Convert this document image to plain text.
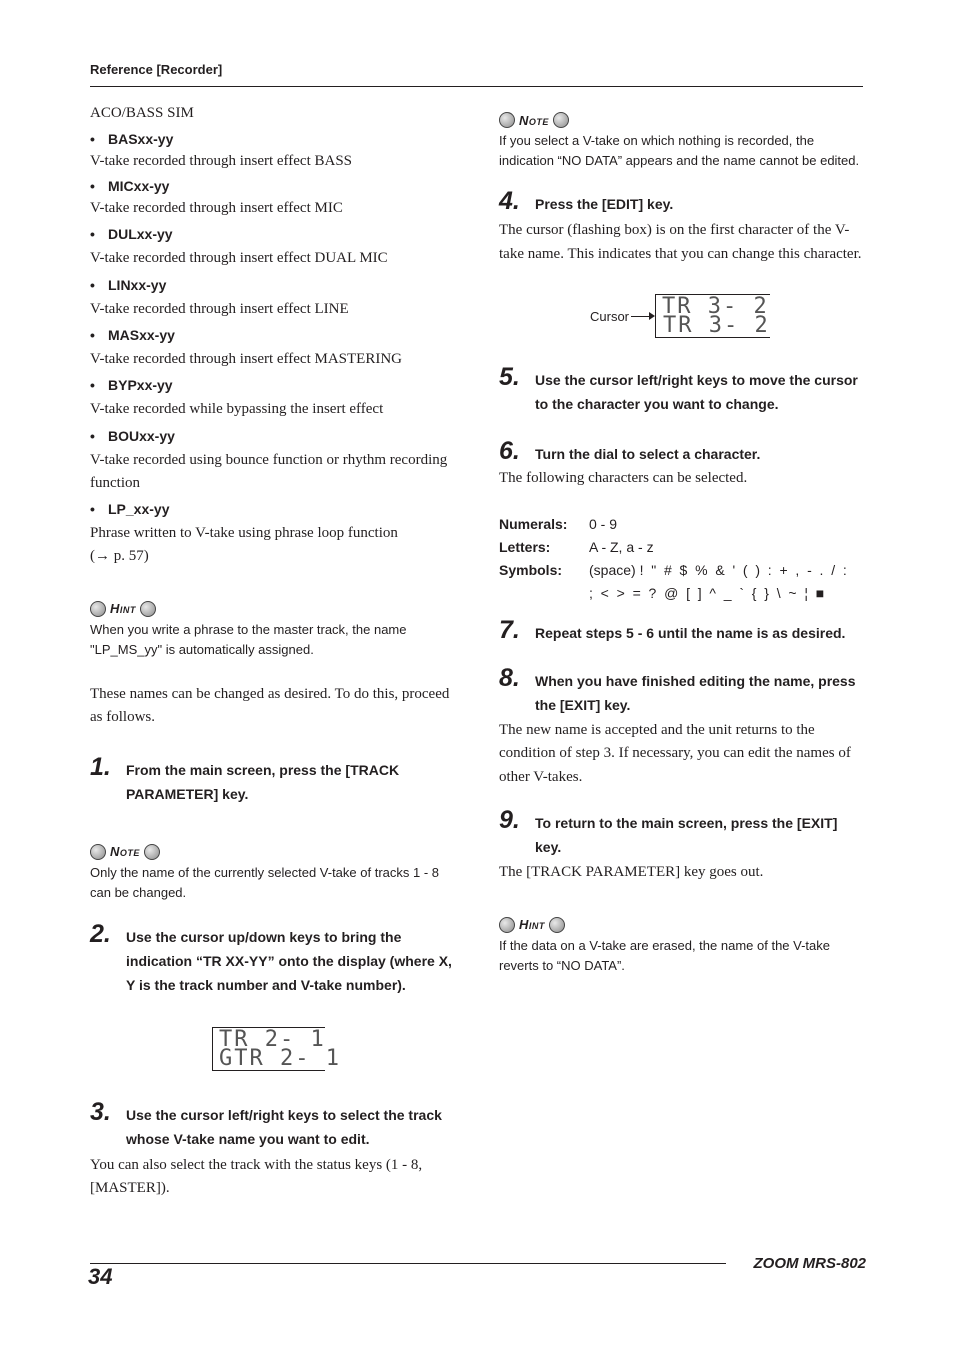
Reference [Recorder]
ACO/BASS SIM
• BASxx-yy
V-take recorded through insert effect BASS
• MICxx-yy
V-take recorded through insert effect MIC
• DULxx-yy
V-take recorded through insert effect DUAL MIC
• LINxx-yy
V-take recorded through insert effect LINE
• MASxx-yy
V-take recorded through insert effect MASTERING
• BYPxx-yy
V-take recorded while bypassing the insert effect
• BOUxx-yy
V-take recorded using bounce function or rhythm recording function
• LP_xx-yy
Phrase written to V-take using phrase loop function
(→ p. 57)
Hint
When you write a phrase to the master track, the name "LP_MS_yy" is automatically assigned.
These names can be changed as desired. To do this, proceed as follows.
1.	From the main screen, press the [TRACK PARAMETER] key.
Note
Only the name of the currently selected V-take of tracks 1 - 8 can be changed.
2.	Use the cursor up/down keys to bring the indication “TR XX-YY” onto the display (where X, Y is the track number and V-take number).
TR 2- 1
GTR 2- 1
3.	Use the cursor left/right keys to select the track whose V-take name you want to edit.
You can also select the track with the status keys (1 - 8, [MASTER]).
Note
If you select a V-take on which nothing is recorded, the indication “NO DATA” appears and the name cannot be edited.
4.	Press the [EDIT] key.
The cursor (flashing box) is on the first character of the V-take name. This indicates that you can change this character.
Cursor TR 3- 2
TR 3- 2
5.	Use the cursor left/right keys to move the cursor to the character you want to change.
6.	Turn the dial to select a character.
The following characters can be selected.
Numerals:	0 - 9
Letters:	A - Z, a - z
Symbols:	(space) !  "  #  $  %  &  '  (  )  :  +  ,  -  .  /  :
;  <  >  =  ?  @  [  ]  ^  _  `  {  }  \  ~  ¦  ■
7.	Repeat steps 5 - 6 until the name is as desired.
8.	When you have finished editing the name, press the [EXIT] key.
The new name is accepted and the unit returns to the condition of step 3. If necessary, you can edit the names of other V-takes.
9.	To return to the main screen, press the [EXIT] key.
The [TRACK PARAMETER] key goes out.
Hint
If the data on a V-take are erased, the name of the V-take reverts to “NO DATA”.
ZOOM MRS-802
34
